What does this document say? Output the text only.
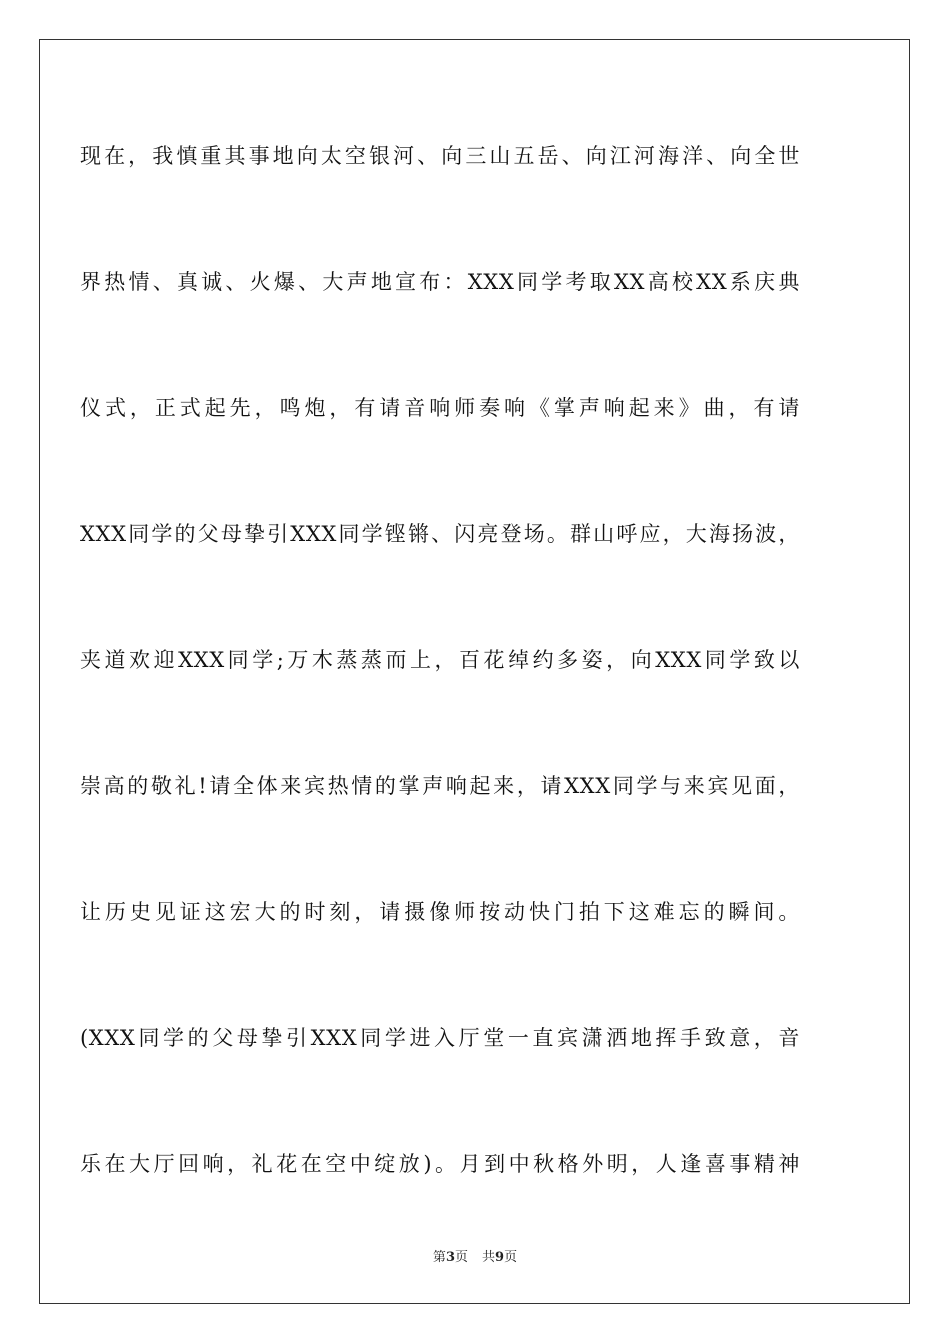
现在，我慎重其事地向太空银河、向三山五岳、向江河海洋、向全世
界热情、真诚、火爆、大声地宣布：XXX同学考取XX高校XX系庆典
仪式，正式起先，鸣炮，有请音响师奏响《掌声响起来》曲，有请
XXX同学的父母挚引XXX同学铿锵、闪亮登场。群山呼应，大海扬波，
夹道欢迎XXX同学;万木蒸蒸而上，百花绰约多姿，向XXX同学致以
崇高的敬礼!请全体来宾热情的掌声响起来，请XXX同学与来宾见面，
让历史见证这宏大的时刻，请摄像师按动快门拍下这难忘的瞬间。
(XXX同学的父母挚引XXX同学进入厅堂一直宾潇洒地挥手致意，音
乐在大厅回响，礼花在空中绽放)。月到中秋格外明，人逢喜事精神
第3页 共9页
